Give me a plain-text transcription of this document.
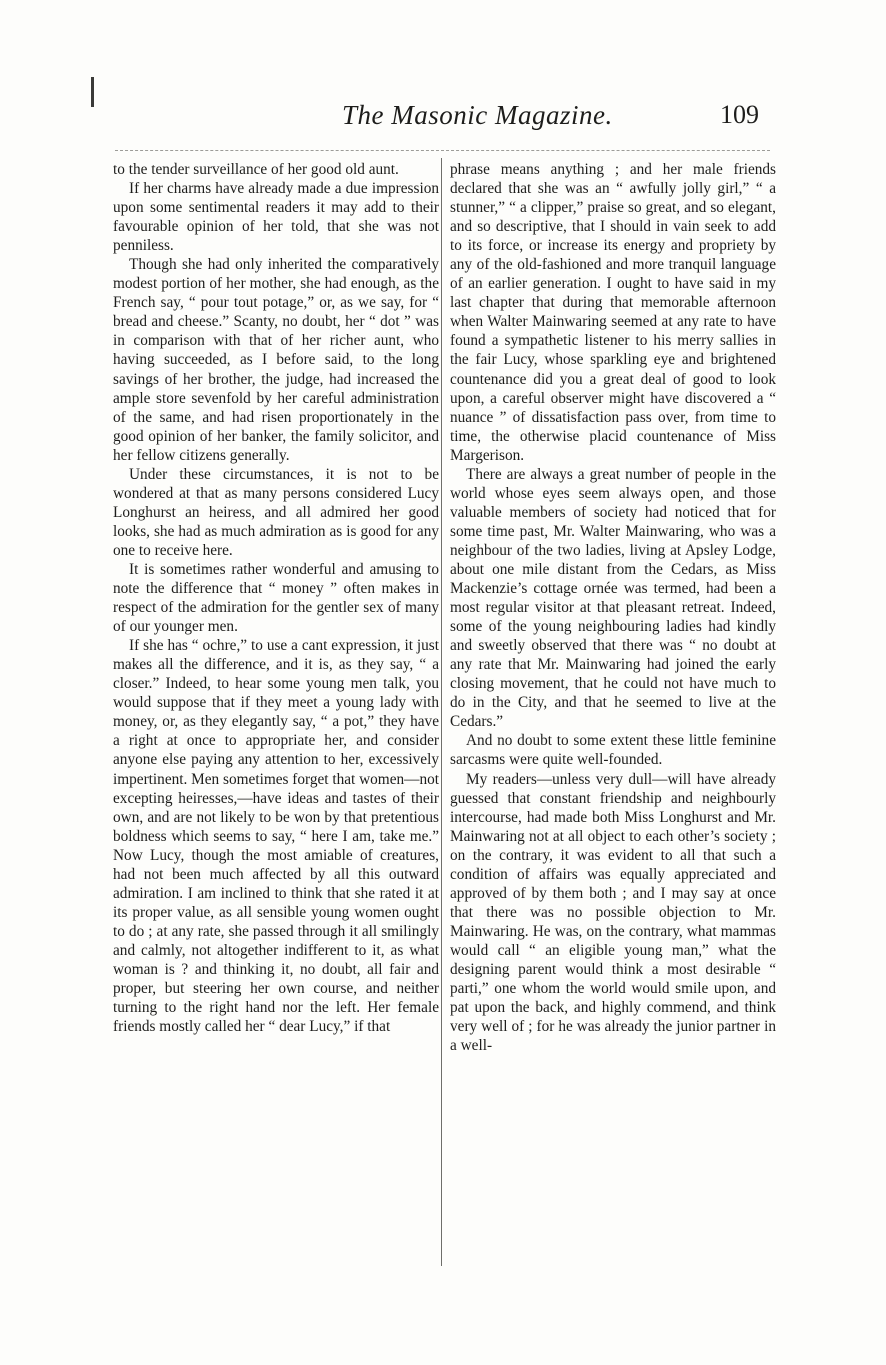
The Masonic Magazine.	109

to the tender surveillance of her good old aunt.

If her charms have already made a due impression upon some sentimental readers it may add to their favourable opinion of her told, that she was not penniless.

Though she had only inherited the comparatively modest portion of her mother, she had enough, as the French say, “ pour tout potage,” or, as we say, for “ bread and cheese.” Scanty, no doubt, her “ dot ” was in comparison with that of her richer aunt, who having succeeded, as I before said, to the long savings of her brother, the judge, had increased the ample store sevenfold by her careful administration of the same, and had risen proportionately in the good opinion of her banker, the family solicitor, and her fellow citizens generally.

Under these circumstances, it is not to be wondered at that as many persons considered Lucy Longhurst an heiress, and all admired her good looks, she had as much admiration as is good for any one to receive here.

It is sometimes rather wonderful and amusing to note the difference that “ money ” often makes in respect of the admiration for the gentler sex of many of our younger men.

If she has “ ochre,” to use a cant expression, it just makes all the difference, and it is, as they say, “ a closer.” Indeed, to hear some young men talk, you would suppose that if they meet a young lady with money, or, as they elegantly say, “ a pot,” they have a right at once to appropriate her, and consider anyone else paying any attention to her, excessively impertinent. Men sometimes forget that women—not excepting heiresses,—have ideas and tastes of their own, and are not likely to be won by that pretentious boldness which seems to say, “ here I am, take me.” Now Lucy, though the most amiable of creatures, had not been much affected by all this outward admiration. I am inclined to think that she rated it at its proper value, as all sensible young women ought to do ; at any rate, she passed through it all smilingly and calmly, not altogether indifferent to it, as what woman is ? and thinking it, no doubt, all fair and proper, but steering her own course, and neither turning to the right hand nor the left. Her female friends mostly called her “ dear Lucy,” if that

phrase means anything ; and her male friends declared that she was an “ awfully jolly girl,” “ a stunner,” “ a clipper,” praise so great, and so elegant, and so descriptive, that I should in vain seek to add to its force, or increase its energy and propriety by any of the old-fashioned and more tranquil language of an earlier generation. I ought to have said in my last chapter that during that memorable afternoon when Walter Mainwaring seemed at any rate to have found a sympathetic listener to his merry sallies in the fair Lucy, whose sparkling eye and brightened countenance did you a great deal of good to look upon, a careful observer might have discovered a “ nuance ” of dissatisfaction pass over, from time to time, the otherwise placid countenance of Miss Margerison.

There are always a great number of people in the world whose eyes seem always open, and those valuable members of society had noticed that for some time past, Mr. Walter Mainwaring, who was a neighbour of the two ladies, living at Apsley Lodge, about one mile distant from the Cedars, as Miss Mackenzie’s cottage ornée was termed, had been a most regular visitor at that pleasant retreat. Indeed, some of the young neighbouring ladies had kindly and sweetly observed that there was “ no doubt at any rate that Mr. Mainwaring had joined the early closing movement, that he could not have much to do in the City, and that he seemed to live at the Cedars.”

And no doubt to some extent these little feminine sarcasms were quite well-founded.

My readers—unless very dull—will have already guessed that constant friendship and neighbourly intercourse, had made both Miss Longhurst and Mr. Mainwaring not at all object to each other’s society ; on the contrary, it was evident to all that such a condition of affairs was equally appreciated and approved of by them both ; and I may say at once that there was no possible objection to Mr. Mainwaring. He was, on the contrary, what mammas would call “ an eligible young man,” what the designing parent would think a most desirable “ parti,” one whom the world would smile upon, and pat upon the back, and highly commend, and think very well of ; for he was already the junior partner in a well-
